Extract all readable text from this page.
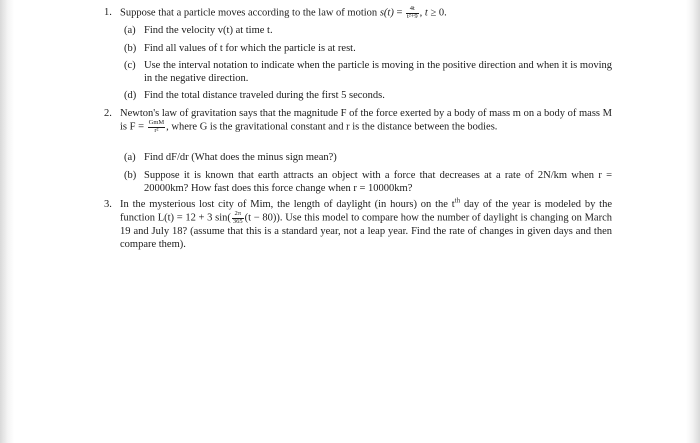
1. Suppose that a particle moves according to the law of motion $s(t) = \frac{4t}{\text{t²+9}}$ , t ≥ 0.
2. Newton's law of gravitation says that the magnitude F of the force exerted by a body of mass m on a body of mass M is $F = \frac{\text{GmM}}{\text{r²}}$ , where G is the gravitational constant and r is the distance between the bodies.
3. In the mysterious lost city of Mim, the length of daylight (in hours) on the $t^{th}$ day of the year is modeled by the function L(t) = 12 + 3 $\sin( \frac{2\pi}{365} (t - 80))$. Use this model to compare how the number of daylight is changing on March 19 and July 18? (assume that this is a standard year, not a leap year. Find the rate of changes in given days and then compare them).
(a) Find the velocity v(t) at time t.
(b) Find all values of t for which the particle is at rest.
(c) Use the interval notation to indicate when the particle is moving in the positive direction and when it is moving in the negative direction.
(d) Find the total distance traveled during the first 5 seconds.
(a) Find dF/dr (What does the minus sign mean?)
(b) Suppose it is known that earth attracts an object with a force that decreases at a rate of 2N/km when r = 20000km? How fast does this force change when r = 10000km?
